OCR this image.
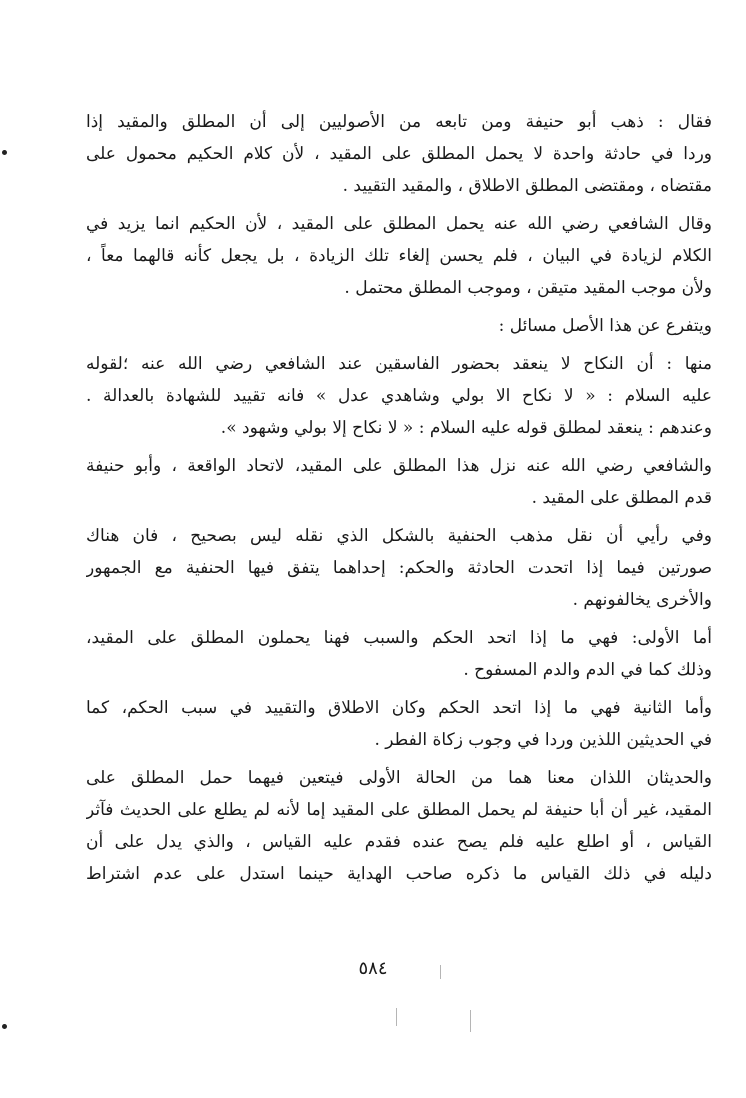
فقال : ذهب أبو حنيفة ومن تابعه من الأصوليين إلى أن المطلق والمقيد إذا
وردا في حادثة واحدة لا يحمل المطلق على المقيد ، لأن كلام الحكيم محمول على
مقتضاه ، ومقتضى المطلق الاطلاق ، والمقيد التقييد .
وقال الشافعي رضي الله عنه يحمل المطلق على المقيد ، لأن الحكيم انما يزيد في
الكلام لزيادة في البيان ، فلم يحسن إلغاء تلك الزيادة ، بل يجعل كأنه قالهما معاً ،
ولأن موجب المقيد متيقن ، وموجب المطلق محتمل .
ويتفرع عن هذا الأصل مسائل :
منها : أن النكاح لا ينعقد بحضور الفاسقين عند الشافعي رضي الله عنه ؛لقوله
عليه السلام : « لا نكاح الا بولي وشاهدي عدل » فانه تقييد للشهادة بالعدالة .
وعندهم : ينعقد لمطلق قوله عليه السلام : « لا نكاح إلا بولي وشهود ».
والشافعي رضي الله عنه نزل هذا المطلق على المقيد، لاتحاد الواقعة ، وأبو حنيفة
قدم المطلق على المقيد .
وفي رأيي أن نقل مذهب الحنفية بالشكل الذي نقله ليس بصحيح ، فان هناك
صورتين فيما إذا اتحدت الحادثة والحكم: إحداهما يتفق فيها الحنفية مع الجمهور
والأخرى يخالفونهم .
أما الأولى: فهي ما إذا اتحد الحكم والسبب فهنا يحملون المطلق على المقيد،
وذلك كما في الدم والدم المسفوح .
وأما الثانية فهي ما إذا اتحد الحكم وكان الاطلاق والتقييد في سبب الحكم، كما
في الحديثين اللذين وردا في وجوب زكاة الفطر .
والحديثان اللذان معنا هما من الحالة الأولى فيتعين فيهما حمل المطلق على
المقيد، غير أن أبا حنيفة لم يحمل المطلق على المقيد إما لأنه لم يطلع على الحديث فآثر
القياس ، أو اطلع عليه فلم يصح عنده فقدم عليه القياس ، والذي يدل على أن
دليله في ذلك القياس ما ذكره صاحب الهداية حينما استدل على عدم اشتراط
٥٨٤
